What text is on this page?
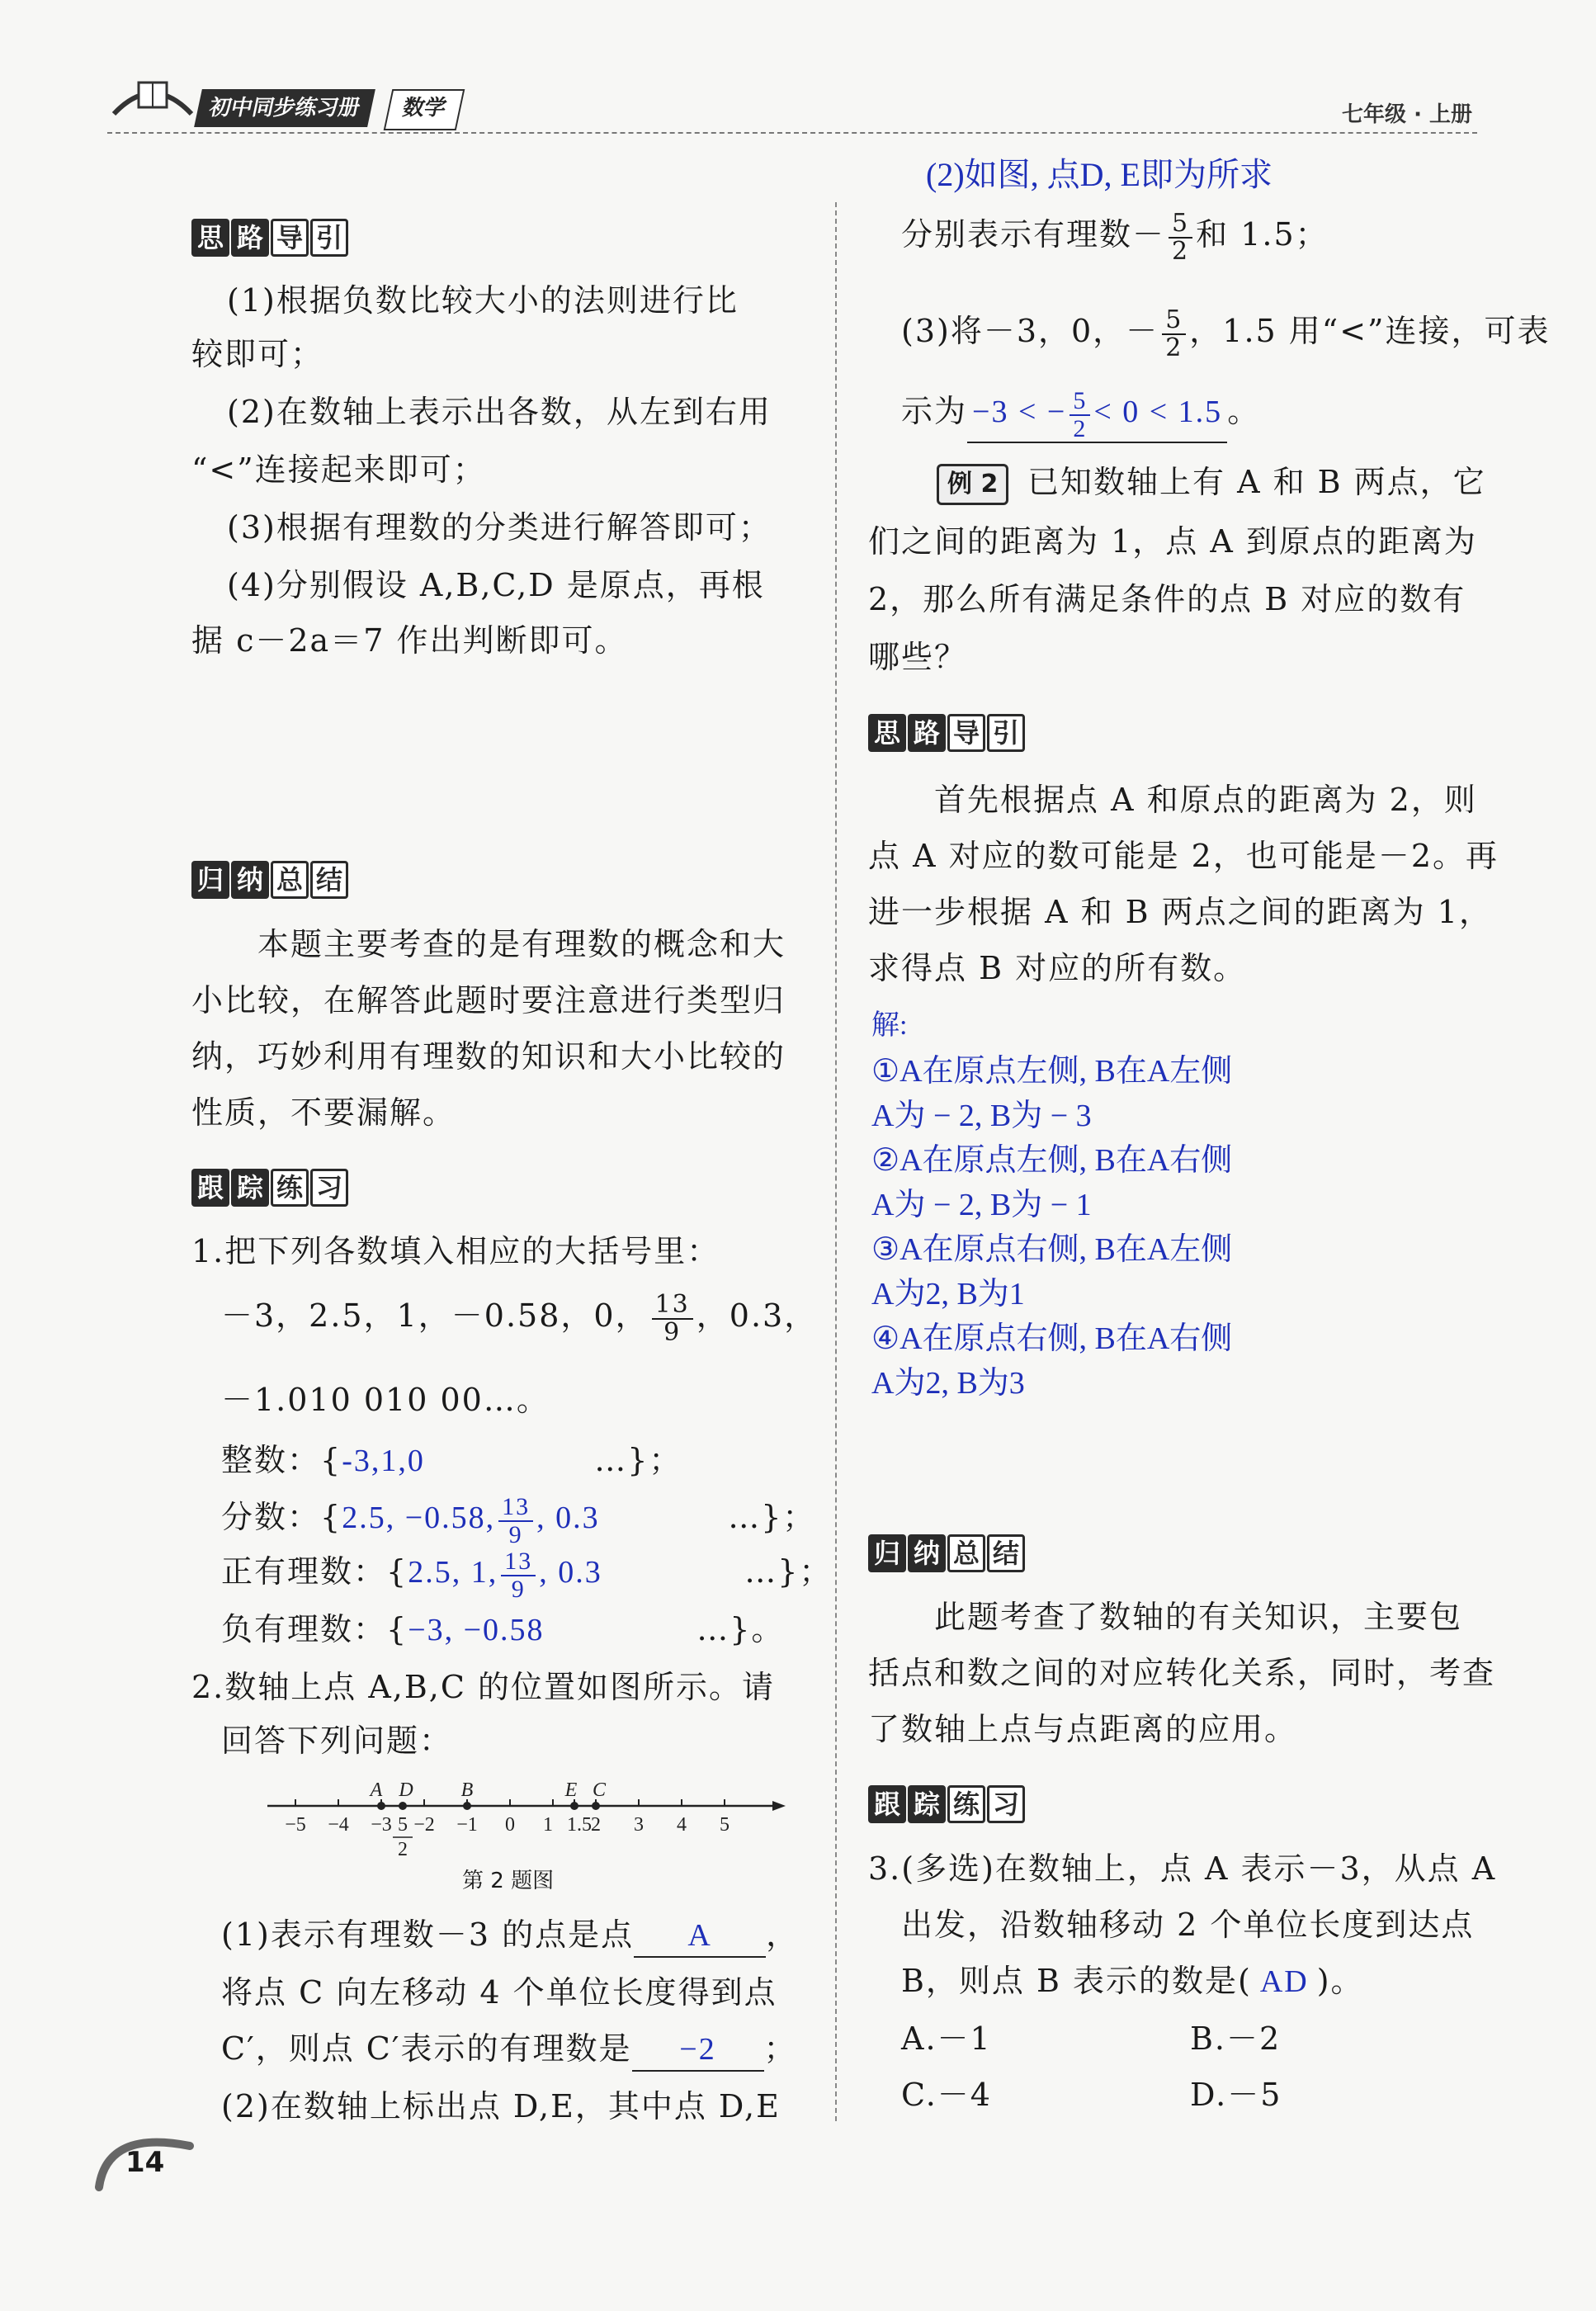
初中同步练习册	数学	七年级 · 上册
思 路 导 引
(1)根据负数比较大小的法则进行比
较即可；
(2)在数轴上表示出各数，从左到右用
“<”连接起来即可；
(3)根据有理数的分类进行解答即可；
(4)分别假设 A,B,C,D 是原点，再根
据 c－2a＝7 作出判断即可。
归 纳 总 结
本题主要考查的是有理数的概念和大
小比较，在解答此题时要注意进行类型归
纳，巧妙利用有理数的知识和大小比较的
性质，不要漏解。
跟 踪 练 习
1.把下列各数填入相应的大括号里：
－3，2.5，1，－0.58，0， $\frac{13}{9}$ ，0.3，
－1.010 010 00…。
整数：{-3,1,0	…}；
分数：{2.5, −0.58, $\frac{13}{9}$ , 0.3	…}；
正有理数：{2.5, 1, $\frac{13}{9}$ , 0.3	…}；
负有理数：{−3, −0.58	…}。
2.数轴上点 A,B,C 的位置如图所示。请
回答下列问题：
−5 −4 −3 −2 −1 0 1 1.5 2 3 4 5
A D B	E C
5
2
第 2 题图
(1)表示有理数－3 的点是点 A ，
将点 C 向左移动 4 个单位长度得到点
C′，则点 C′表示的有理数是 −2 ；
(2)在数轴上标出点 D,E，其中点 D,E
(2)如图, 点D, E即为所求
分别表示有理数－ $\frac{5}{2}$ 和 1.5；
(3)将－3，0，－ $\frac{5}{2}$ ，1.5 用“<”连接，可表
示为 −3 < − $\frac{5}{2} < 0 < 1.5$ 。
例 2 已知数轴上有 A 和 B 两点，它
们之间的距离为 1，点 A 到原点的距离为
2，那么所有满足条件的点 B 对应的数有
哪些？
思 路 导 引
首先根据点 A 和原点的距离为 2，则
点 A 对应的数可能是 2，也可能是－2。再
进一步根据 A 和 B 两点之间的距离为 1，
求得点 B 对应的所有数。
解:
①A在原点左侧, B在A左侧
A为 − 2, B为 − 3
②A在原点左侧, B在A右侧
A为 − 2, B为 − 1
③A在原点右侧, B在A左侧
A为2, B为1
④A在原点右侧, B在A右侧
A为2, B为3
归 纳 总 结
此题考查了数轴的有关知识，主要包
括点和数之间的对应转化关系，同时，考查
了数轴上点与点距离的应用。
跟 踪 练 习
3.(多选)在数轴上，点 A 表示－3，从点 A
出发，沿数轴移动 2 个单位长度到达点
B，则点 B 表示的数是( AD )。
A.－1	B.－2
C.－4	D.－5
14
